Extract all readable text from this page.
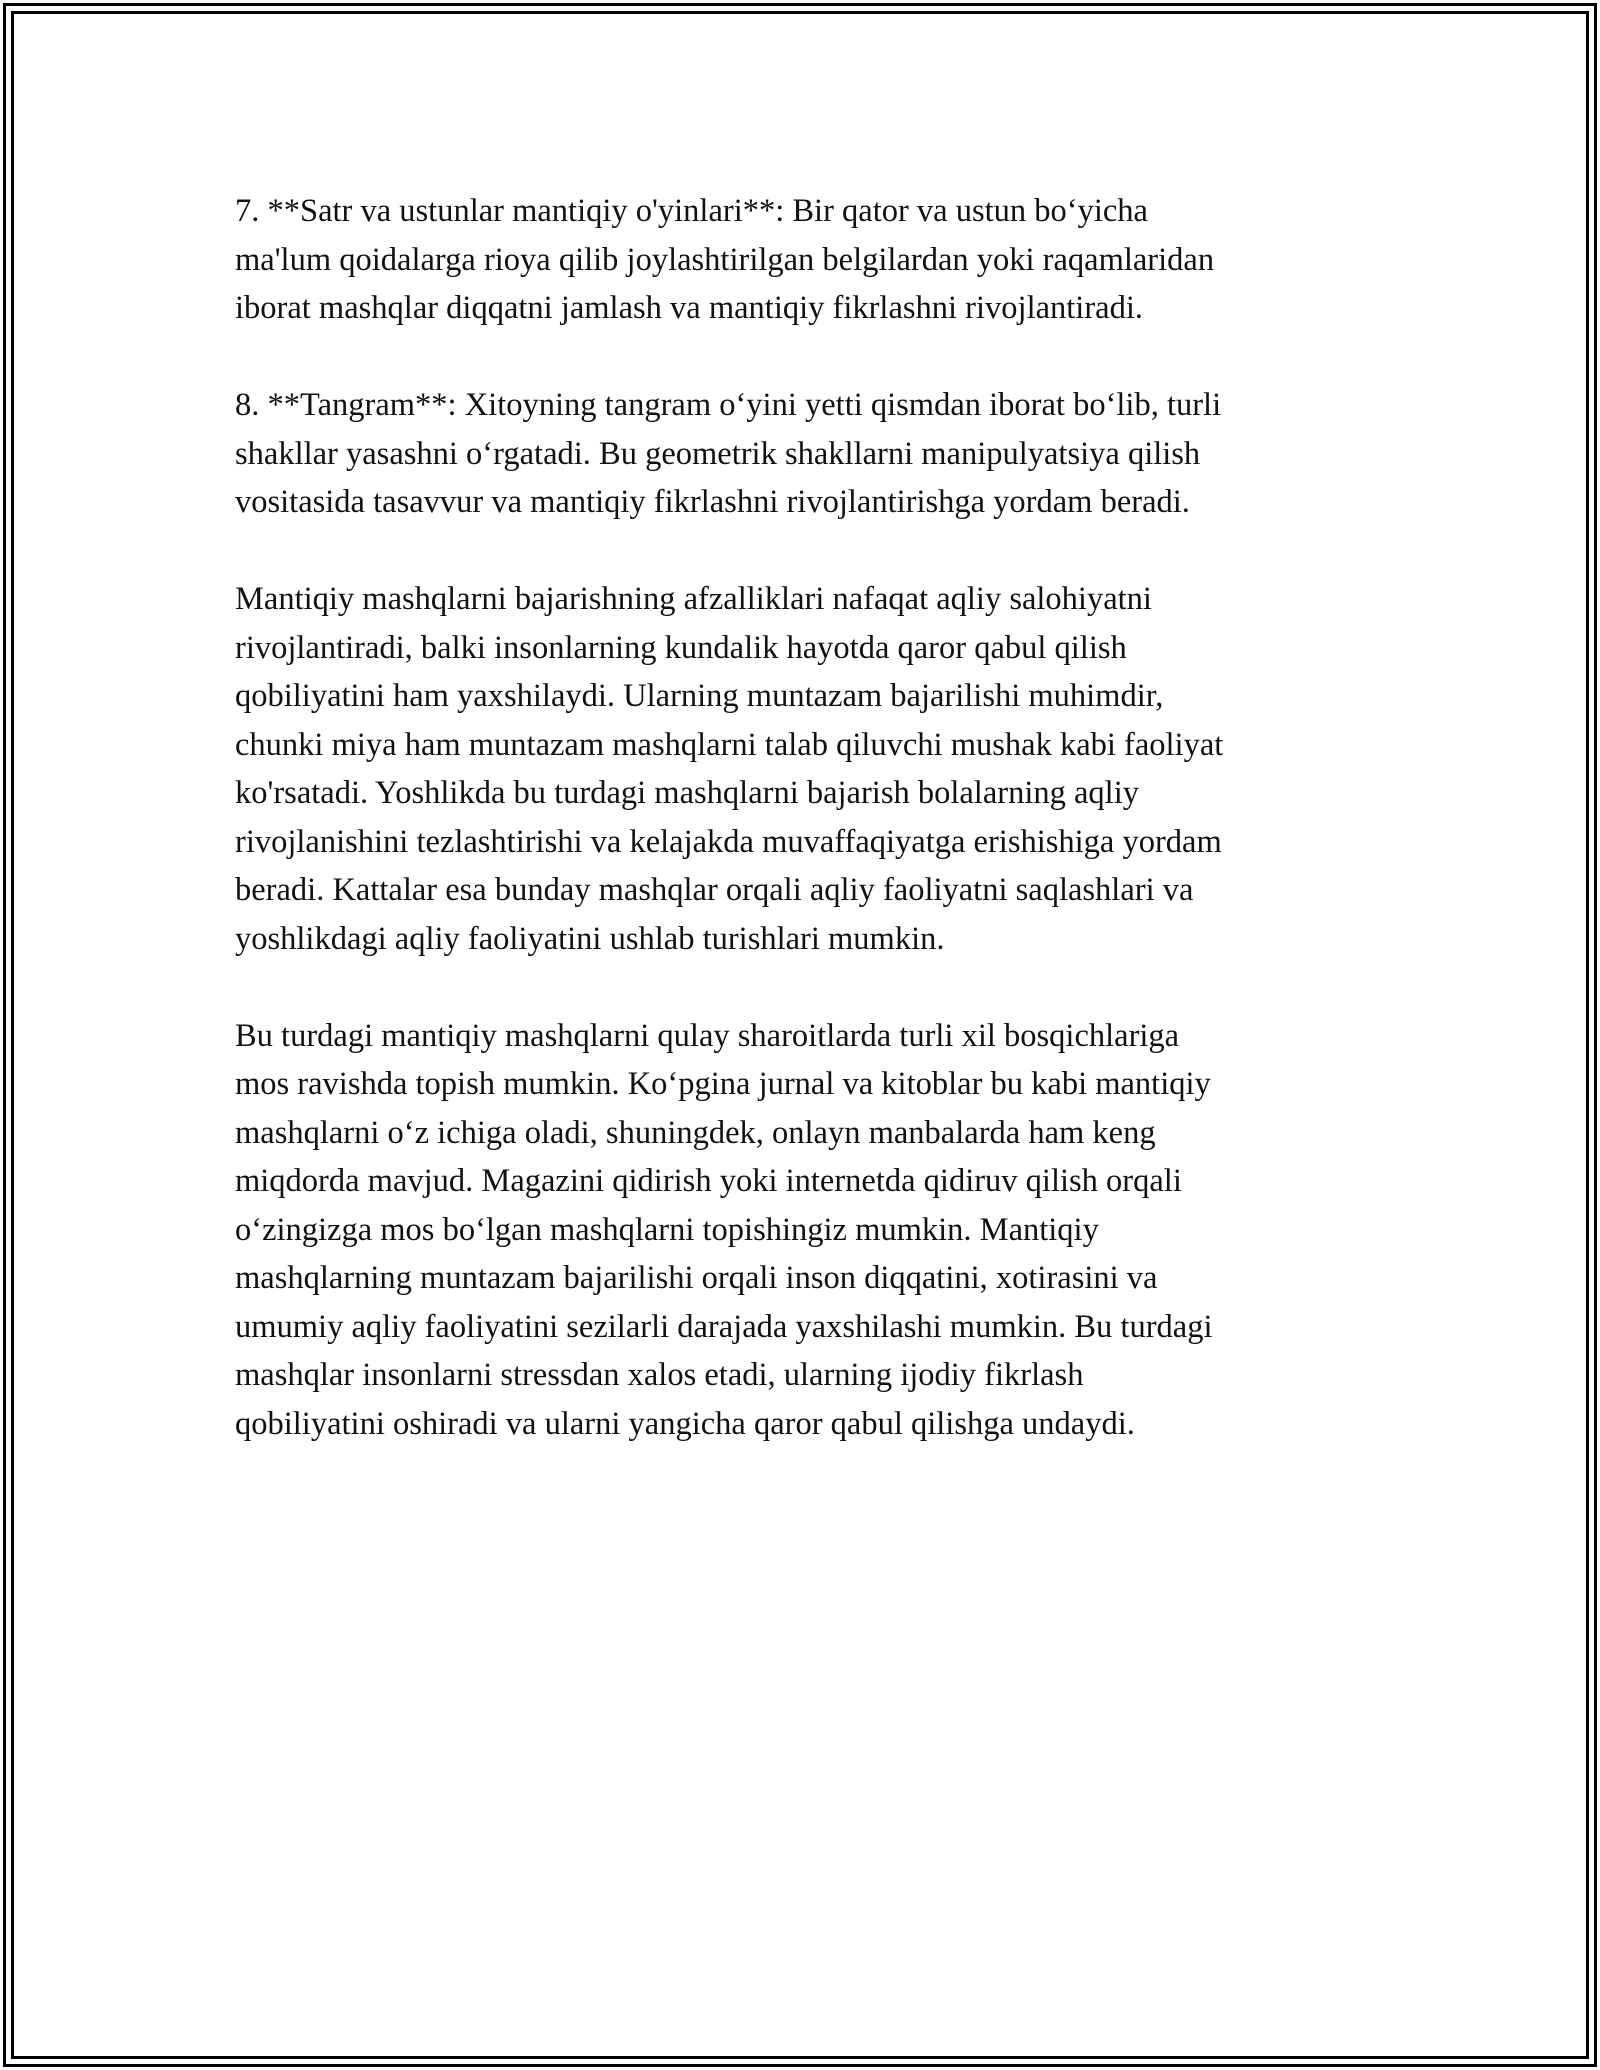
7. **Satr va ustunlar mantiqiy o'yinlari**: Bir qator va ustun bo‘yicha
ma'lum qoidalarga rioya qilib joylashtirilgan belgilardan yoki raqamlaridan
iborat mashqlar diqqatni jamlash va mantiqiy fikrlashni rivojlantiradi.

8. **Tangram**: Xitoyning tangram o‘yini yetti qismdan iborat bo‘lib, turli
shakllar yasashni o‘rgatadi. Bu geometrik shakllarni manipulyatsiya qilish
vositasida tasavvur va mantiqiy fikrlashni rivojlantirishga yordam beradi.

Mantiqiy mashqlarni bajarishning afzalliklari nafaqat aqliy salohiyatni
rivojlantiradi, balki insonlarning kundalik hayotda qaror qabul qilish
qobiliyatini ham yaxshilaydi. Ularning muntazam bajarilishi muhimdir,
chunki miya ham muntazam mashqlarni talab qiluvchi mushak kabi faoliyat
ko'rsatadi. Yoshlikda bu turdagi mashqlarni bajarish bolalarning aqliy
rivojlanishini tezlashtirishi va kelajakda muvaffaqiyatga erishishiga yordam
beradi. Kattalar esa bunday mashqlar orqali aqliy faoliyatni saqlashlari va
yoshlikdagi aqliy faoliyatini ushlab turishlari mumkin.

Bu turdagi mantiqiy mashqlarni qulay sharoitlarda turli xil bosqichlariga
mos ravishda topish mumkin. Ko‘pgina jurnal va kitoblar bu kabi mantiqiy
mashqlarni o‘z ichiga oladi, shuningdek, onlayn manbalarda ham keng
miqdorda mavjud. Magazini qidirish yoki internetda qidiruv qilish orqali
o‘zingizga mos bo‘lgan mashqlarni topishingiz mumkin. Mantiqiy
mashqlarning muntazam bajarilishi orqali inson diqqatini, xotirasini va
umumiy aqliy faoliyatini sezilarli darajada yaxshilashi mumkin. Bu turdagi
mashqlar insonlarni stressdan xalos etadi, ularning ijodiy fikrlash
qobiliyatini oshiradi va ularni yangicha qaror qabul qilishga undaydi.
